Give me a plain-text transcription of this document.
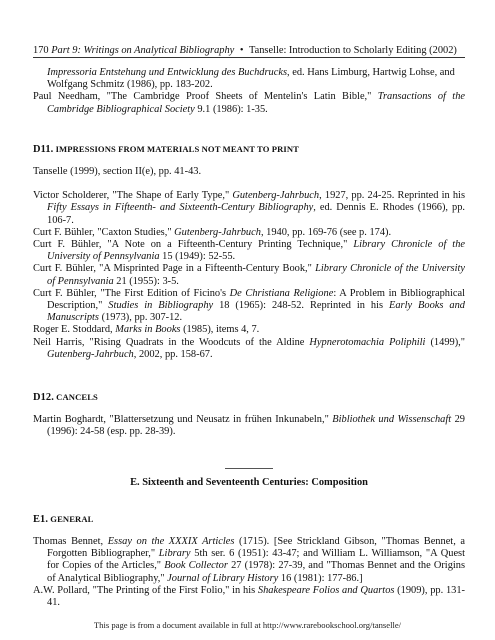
170 Part 9: Writings on Analytical Bibliography • Tanselle: Introduction to Scholarly Editing (2002)

Impressoria Entstehung und Entwicklung des Buchdrucks, ed. Hans Limburg, Hartwig Lohse, and Wolfgang Schmitz (1986), pp. 183-202.

Paul Needham, "The Cambridge Proof Sheets of Mentelin's Latin Bible," Transactions of the Cambridge Bibliographical Society 9.1 (1986): 1-35.

D11. IMPRESSIONS FROM MATERIALS NOT MEANT TO PRINT

Tanselle (1999), section II(e), pp. 41-43.

Victor Scholderer, "The Shape of Early Type," Gutenberg-Jahrbuch, 1927, pp. 24-25. Reprinted in his Fifty Essays in Fifteenth- and Sixteenth-Century Bibliography, ed. Dennis E. Rhodes (1966), pp. 106-7.

Curt F. Bühler, "Caxton Studies," Gutenberg-Jahrbuch, 1940, pp. 169-76 (see p. 174).

Curt F. Bühler, "A Note on a Fifteenth-Century Printing Technique," Library Chronicle of the University of Pennsylvania 15 (1949): 52-55.

Curt F. Bühler, "A Misprinted Page in a Fifteenth-Century Book," Library Chronicle of the University of Pennsylvania 21 (1955): 3-5.

Curt F. Bühler, "The First Edition of Ficino's De Christiana Religione: A Problem in Bibliographical Description," Studies in Bibliography 18 (1965): 248-52. Reprinted in his Early Books and Manuscripts (1973), pp. 307-12.

Roger E. Stoddard, Marks in Books (1985), items 4, 7.

Neil Harris, "Rising Quadrats in the Woodcuts of the Aldine Hypnerotomachia Poliphili (1499)," Gutenberg-Jahrbuch, 2002, pp. 158-67.

D12. CANCELS

Martin Boghardt, "Blattersetzung und Neusatz in frühen Inkunabeln," Bibliothek und Wissenschaft 29 (1996): 24-58 (esp. pp. 28-39).

E. Sixteenth and Seventeenth Centuries: Composition

E1. GENERAL

Thomas Bennet, Essay on the XXXIX Articles (1715). [See Strickland Gibson, "Thomas Bennet, a Forgotten Bibliographer," Library 5th ser. 6 (1951): 43-47; and William L. Williamson, "A Quest for Copies of the Articles," Book Collector 27 (1978): 27-39, and "Thomas Bennet and the Origins of Analytical Bibliography," Journal of Library History 16 (1981): 177-86.]

A.W. Pollard, "The Printing of the First Folio," in his Shakespeare Folios and Quartos (1909), pp. 131-41.

This page is from a document available in full at http://www.rarebookschool.org/tanselle/
